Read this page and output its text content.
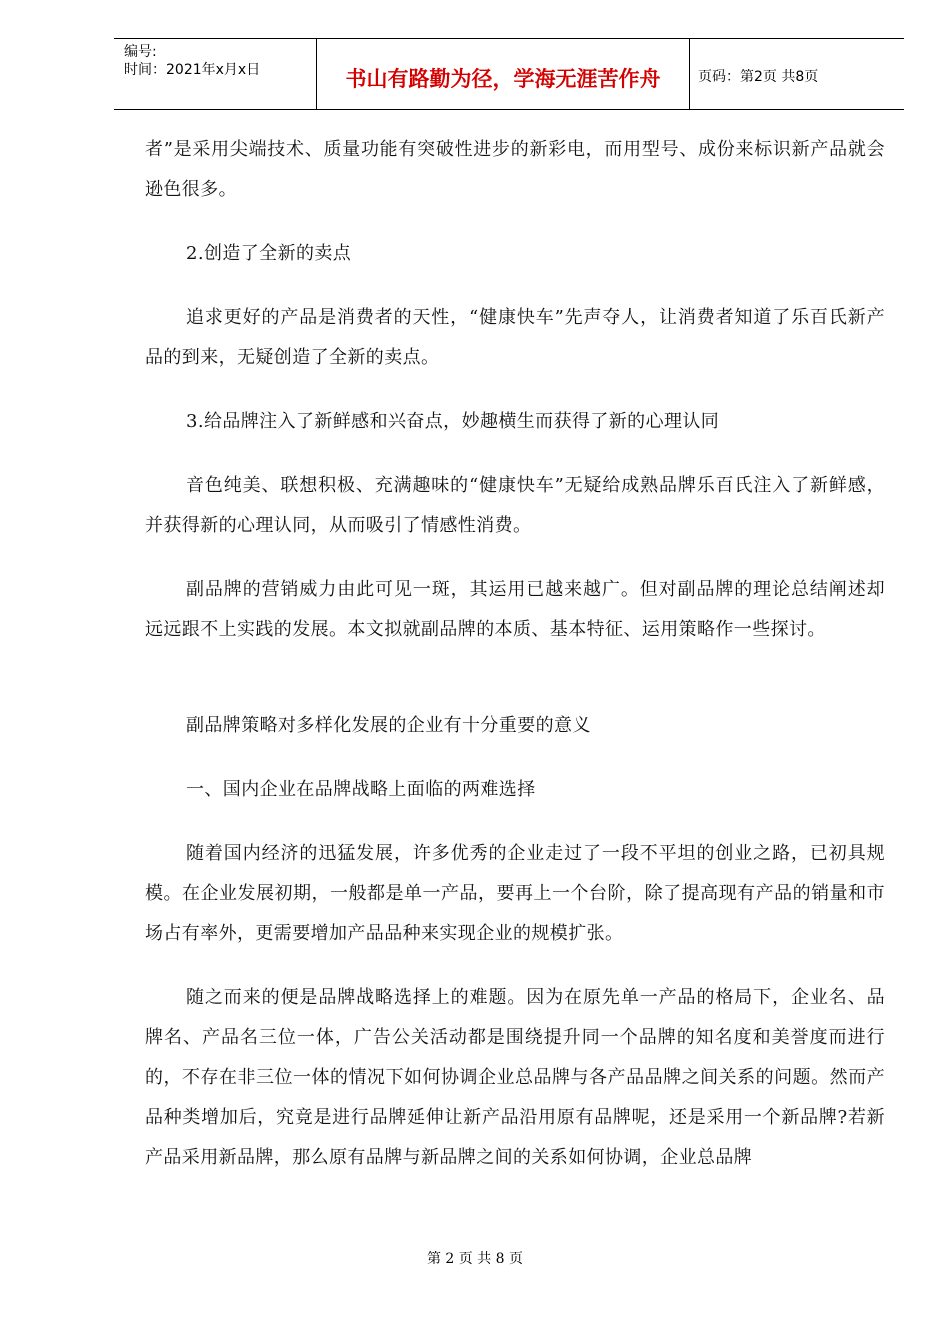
编号:
时间：2021年x月x日	书山有路勤为径，学海无涯苦作舟	页码：第2页 共8页

者”是采用尖端技术、质量功能有突破性进步的新彩电，而用型号、成份来标识新产品就会逊色很多。

2.创造了全新的卖点

追求更好的产品是消费者的天性，“健康快车”先声夺人，让消费者知道了乐百氏新产品的到来，无疑创造了全新的卖点。

3.给品牌注入了新鲜感和兴奋点，妙趣横生而获得了新的心理认同

音色纯美、联想积极、充满趣味的“健康快车”无疑给成熟品牌乐百氏注入了新鲜感，并获得新的心理认同，从而吸引了情感性消费。

副品牌的营销威力由此可见一斑，其运用已越来越广。但对副品牌的理论总结阐述却远远跟不上实践的发展。本文拟就副品牌的本质、基本特征、运用策略作一些探讨。

副品牌策略对多样化发展的企业有十分重要的意义

一、国内企业在品牌战略上面临的两难选择

随着国内经济的迅猛发展，许多优秀的企业走过了一段不平坦的创业之路，已初具规模。在企业发展初期，一般都是单一产品，要再上一个台阶，除了提高现有产品的销量和市场占有率外，更需要增加产品品种来实现企业的规模扩张。

随之而来的便是品牌战略选择上的难题。因为在原先单一产品的格局下，企业名、品牌名、产品名三位一体，广告公关活动都是围绕提升同一个品牌的知名度和美誉度而进行的，不存在非三位一体的情况下如何协调企业总品牌与各产品品牌之间关系的问题。然而产品种类增加后，究竟是进行品牌延伸让新产品沿用原有品牌呢，还是采用一个新品牌?若新产品采用新品牌，那么原有品牌与新品牌之间的关系如何协调，企业总品牌

第 2 页 共 8 页
